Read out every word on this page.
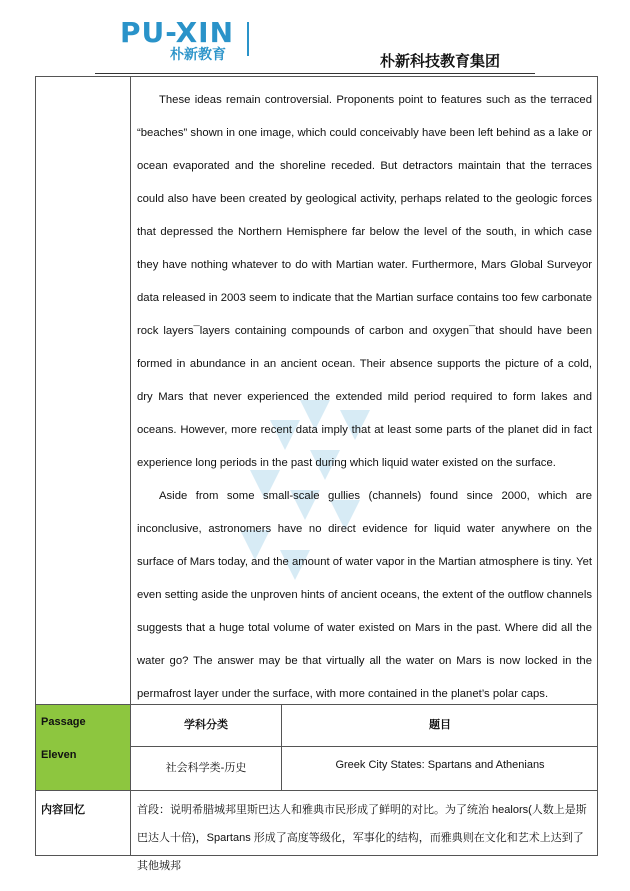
PU-XIN
朴新教育	朴新科技教育集团

These ideas remain controversial. Proponents point to features such as the terraced “beaches” shown in one image, which could conceivably have been left behind as a lake or ocean evaporated and the shoreline receded. But detractors maintain that the terraces could also have been created by geological activity, perhaps related to the geologic forces that depressed the Northern Hemisphere far below the level of the south, in which case they have nothing whatever to do with Martian water. Furthermore, Mars Global Surveyor data released in 2003 seem to indicate that the Martian surface contains too few carbonate rock layers¯layers containing compounds of carbon and oxygen¯that should have been formed in abundance in an ancient ocean. Their absence supports the picture of a cold, dry Mars that never experienced the extended mild period required to form lakes and oceans. However, more recent data imply that at least some parts of the planet did in fact experience long periods in the past during which liquid water existed on the surface.

Aside from some small-scale gullies (channels) found since 2000, which are inconclusive, astronomers have no direct evidence for liquid water anywhere on the surface of Mars today, and the amount of water vapor in the Martian atmosphere is tiny. Yet even setting aside the unproven hints of ancient oceans, the extent of the outflow channels suggests that a huge total volume of water existed on Mars in the past. Where did all the water go? The answer may be that virtually all the water on Mars is now locked in the permafrost layer under the surface, with more contained in the planet’s polar caps.

Passage
Eleven
学科分类	题目
社会科学类-历史	Greek City States: Spartans and Athenians
内容回忆	首段：说明希腊城邦里斯巴达人和雅典市民形成了鲜明的对比。为了统治 healors(人数上是斯巴达人十倍)，Spartans 形成了高度等级化，军事化的结构，而雅典则在文化和艺术上达到了其他城邦
